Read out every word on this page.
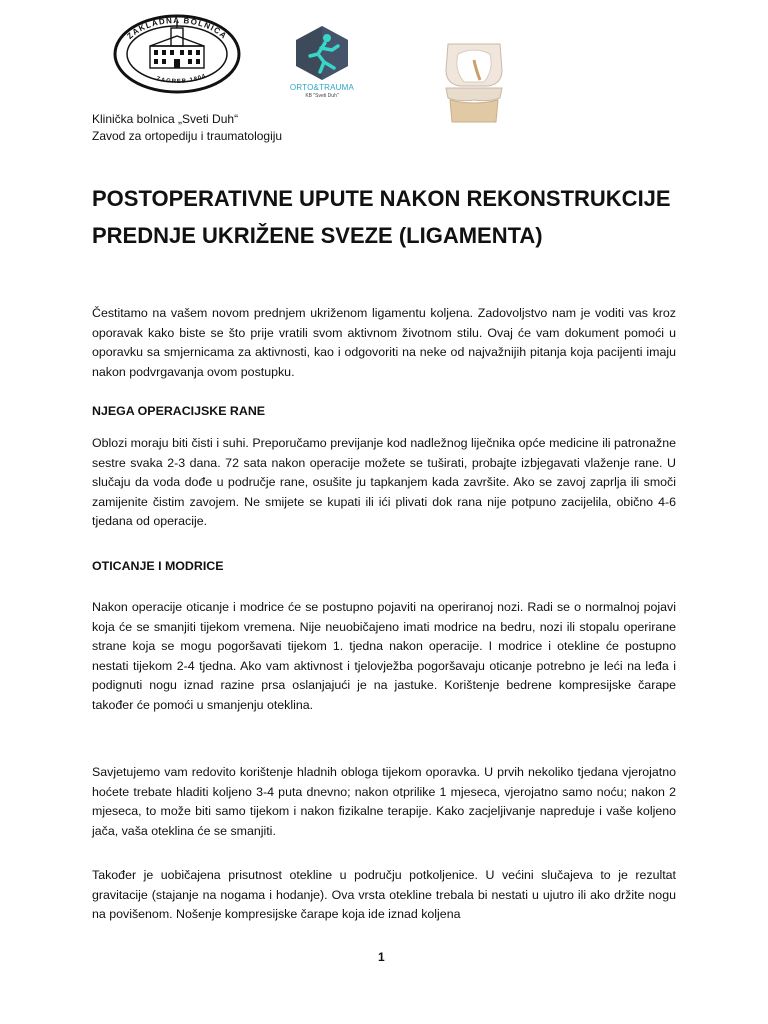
ZAKLADNA BOLNICA
ZAGREB 1804
ORTO&TRAUMA
KB "Sveti Duh"
Klinička bolnica „Sveti Duh“
Zavod za ortopediju i traumatologiju
POSTOPERATIVNE UPUTE NAKON REKONSTRUKCIJE PREDNJE UKRIŽENE SVEZE (LIGAMENTA)

Čestitamo na vašem novom prednjem ukriženom ligamentu koljena. Zadovoljstvo nam je voditi vas kroz oporavak kako biste se što prije vratili svom aktivnom životnom stilu. Ovaj će vam dokument pomoći u oporavku sa smjernicama za aktivnosti, kao i odgovoriti na neke od najvažnijih pitanja koja pacijenti imaju nakon podvrgavanja ovom postupku.

NJEGA OPERACIJSKE RANE

Oblozi moraju biti čisti i suhi. Preporučamo previjanje kod nadležnog liječnika opće medicine ili patronažne sestre svaka 2-3 dana. 72 sata nakon operacije možete se tuširati, probajte izbjegavati vlaženje rane. U slučaju da voda dođe u područje rane, osušite ju tapkanjem kada završite. Ako se zavoj zaprlja ili smoči zamijenite čistim zavojem. Ne smijete se kupati ili ići plivati dok rana nije potpuno zacijelila, obično 4-6 tjedana od operacije.

OTICANJE I MODRICE

Nakon operacije oticanje i modrice će se postupno pojaviti na operiranoj nozi. Radi se o normalnoj pojavi koja će se smanjiti tijekom vremena. Nije neuobičajeno imati modrice na bedru, nozi ili stopalu operirane strane koja se mogu pogoršavati tijekom 1. tjedna nakon operacije. I modrice i otekline će postupno nestati tijekom 2-4 tjedna. Ako vam aktivnost i tjelovježba pogoršavaju oticanje potrebno je leći na leđa i podignuti nogu iznad razine prsa oslanjajući je na jastuke. Korištenje bedrene kompresijske čarape također će pomoći u smanjenju oteklina.

Savjetujemo vam redovito korištenje hladnih obloga tijekom oporavka. U prvih nekoliko tjedana vjerojatno hoćete trebate hladiti koljeno 3-4 puta dnevno; nakon otprilike 1 mjeseca, vjerojatno samo noću; nakon 2 mjeseca, to može biti samo tijekom i nakon fizikalne terapije. Kako zacjeljivanje napreduje i vaše koljeno jača, vaša oteklina će se smanjiti.

Također je uobičajena prisutnost otekline u području potkoljenice. U većini slučajeva to je rezultat gravitacije (stajanje na nogama i hodanje). Ova vrsta otekline trebala bi nestati u ujutro ili ako držite nogu na povišenom. Nošenje kompresijske čarape koja ide iznad koljena

1
